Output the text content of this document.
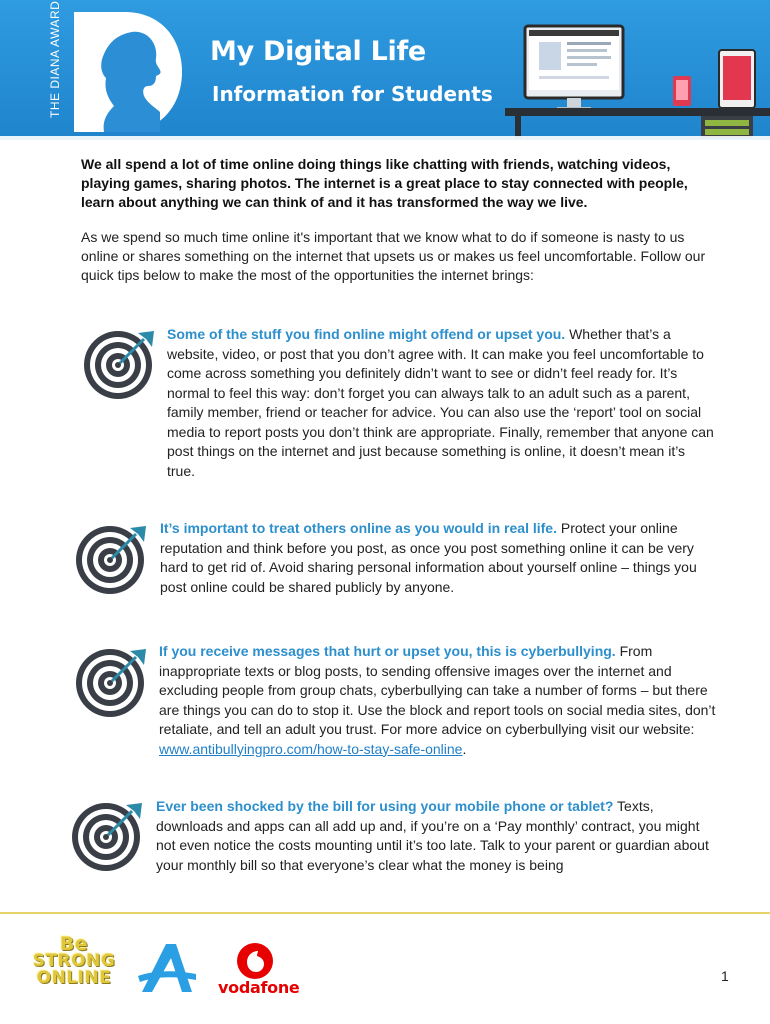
THE DIANA AWARD	My Digital Life
Information for Students

We all spend a lot of time online doing things like chatting with friends, watching videos, playing games, sharing photos. The internet is a great place to stay connected with people, learn about anything we can think of and it has transformed the way we live.

As we spend so much time online it's important that we know what to do if someone is nasty to us online or shares something on the internet that upsets us or makes us feel uncomfortable. Follow our quick tips below to make the most of the opportunities the internet brings:

Some of the stuff you find online might offend or upset you. Whether that’s a website, video, or post that you don’t agree with. It can make you feel uncomfortable to come across something you definitely didn’t want to see or didn’t feel ready for. It’s normal to feel this way: don’t forget you can always talk to an adult such as a parent, family member, friend or teacher for advice. You can also use the ‘report’ tool on social media to report posts you don’t think are appropriate. Finally, remember that anyone can post things on the internet and just because something is online, it doesn’t mean it’s true.

It’s important to treat others online as you would in real life. Protect your online reputation and think before you post, as once you post something online it can be very hard to get rid of. Avoid sharing personal information about yourself online – things you post online could be shared publicly by anyone.

If you receive messages that hurt or upset you, this is cyberbullying. From inappropriate texts or blog posts, to sending offensive images over the internet and excluding people from group chats, cyberbullying can take a number of forms – but there are things you can do to stop it. Use the block and report tools on social media sites, don’t retaliate, and tell an adult you trust. For more advice on cyberbullying visit our website: www.antibullyingpro.com/how-to-stay-safe-online.

Ever been shocked by the bill for using your mobile phone or tablet? Texts, downloads and apps can all add up and, if you’re on a ‘Pay monthly’ contract, you might not even notice the costs mounting until it’s too late. Talk to your parent or guardian about your monthly bill so that everyone’s clear what the money is being

Be
STRONG
ONLINE	vodafone
1
